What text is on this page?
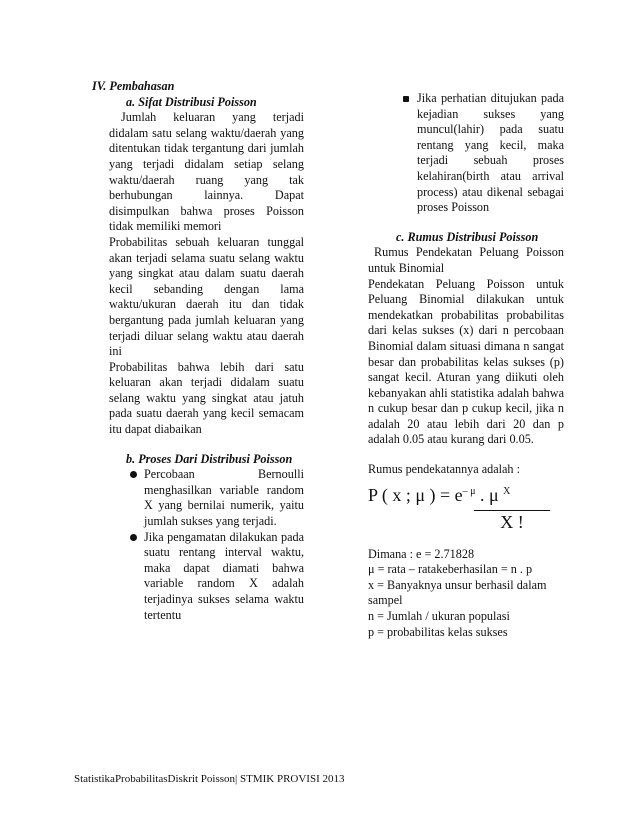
IV. Pembahasan
a. Sifat Distribusi Poisson

Jumlah keluaran yang terjadi didalam satu selang waktu/daerah yang ditentukan tidak tergantung dari jumlah yang terjadi didalam setiap selang waktu/daerah ruang yang tak berhubungan lainnya. Dapat disimpulkan bahwa proses Poisson tidak memiliki memori

Probabilitas sebuah keluaran tunggal akan terjadi selama suatu selang waktu yang singkat atau dalam suatu daerah kecil sebanding dengan lama waktu/ukuran daerah itu dan tidak bergantung pada jumlah keluaran yang terjadi diluar selang waktu atau daerah ini

Probabilitas bahwa lebih dari satu keluaran akan terjadi didalam suatu selang waktu yang singkat atau jatuh pada suatu daerah yang kecil semacam itu dapat diabaikan

b. Proses Dari Distribusi Poisson
Percobaan Bernoulli menghasilkan variable random X yang bernilai numerik, yaitu jumlah sukses yang terjadi.
Jika pengamatan dilakukan pada suatu rentang interval waktu, maka dapat diamati bahwa variable random X adalah terjadinya sukses selama waktu tertentu
Jika perhatian ditujukan pada kejadian sukses yang muncul(lahir) pada suatu rentang yang kecil, maka terjadi sebuah proses kelahiran(birth atau arrival process) atau dikenal sebagai proses Poisson
c. Rumus Distribusi Poisson

Rumus Pendekatan Peluang Poisson untuk Binomial

Pendekatan Peluang Poisson untuk Peluang Binomial dilakukan untuk mendekatkan probabilitas probabilitas dari kelas sukses (x) dari n percobaan Binomial dalam situasi dimana n sangat besar dan probabilitas kelas sukses (p) sangat kecil. Aturan yang diikuti oleh kebanyakan ahli statistika adalah bahwa n cukup besar dan p cukup kecil, jika n adalah 20 atau lebih dari 20 dan p adalah 0.05 atau kurang dari 0.05.

Rumus pendekatannya adalah :

P ( x ; μ ) = $e^{- \mu}$ . μ $^X$
X !

Dimana : e = 2.71828

μ = rata – ratakeberhasilan = n . p

x = Banyaknya unsur berhasil dalam sampel

n = Jumlah / ukuran populasi

p = probabilitas kelas sukses

StatistikaProbabilitasDiskrit Poisson| STMIK PROVISI 2013
